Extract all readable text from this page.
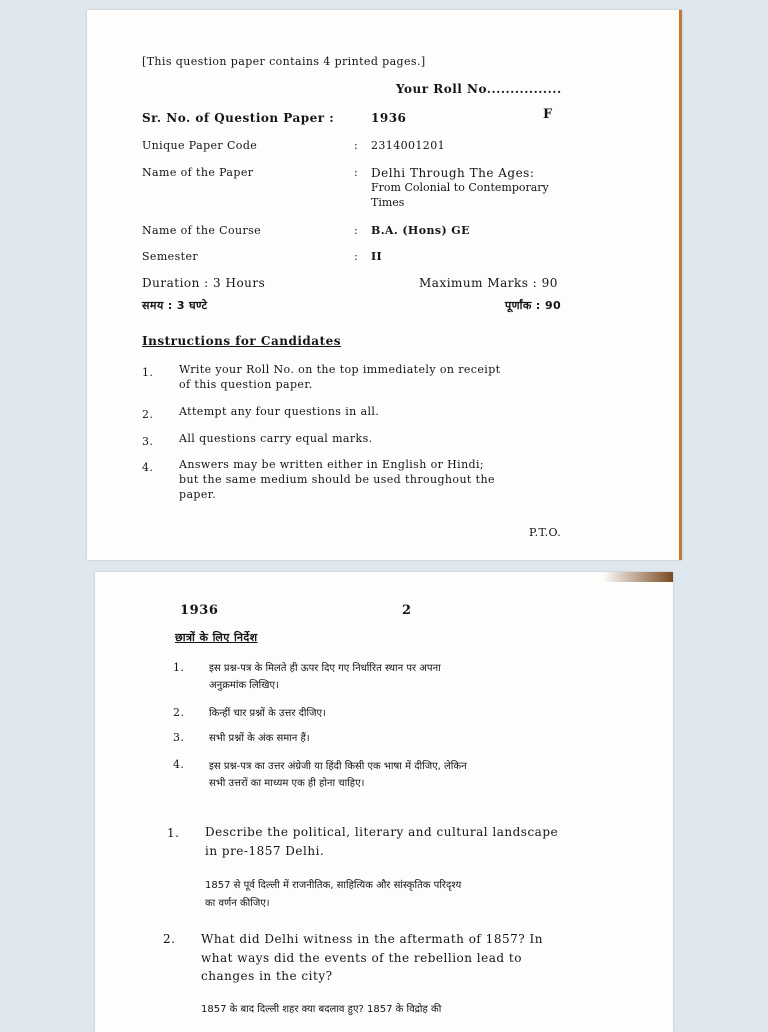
[This question paper contains 4 printed pages.]
Your Roll No................
Sr. No. of Question Paper :	1936	F
Unique Paper Code	: 2314001201
Name of the Paper	: Delhi Through The Ages:
From Colonial to Contemporary
Times
Name of the Course	: B.A. (Hons) GE
Semester	: II
Duration : 3 Hours	Maximum Marks : 90
समय : 3 घण्टे	पूर्णांक : 90
Instructions for Candidates
1. Write your Roll No. on the top immediately on receipt
of this question paper.
2. Attempt any four questions in all.
3. All questions carry equal marks.
4. Answers may be written either in English or Hindi;
but the same medium should be used throughout the
paper.
P.T.O.
1936	2
छात्रों के लिए निर्देश
1. इस प्रश्न-पत्र के मिलते ही ऊपर दिए गए निर्धारित स्थान पर अपना
अनुक्रमांक लिखिए।
2. किन्हीं चार प्रश्नों के उत्तर दीजिए।
3. सभी प्रश्नों के अंक समान हैं।
4. इस प्रश्न-पत्र का उत्तर अंग्रेजी या हिंदी किसी एक भाषा में दीजिए, लेकिन
सभी उत्तरों का माध्यम एक ही होना चाहिए।
1. Describe the political, literary and cultural landscape
in pre-1857 Delhi.
1857 से पूर्व दिल्ली में राजनीतिक, साहित्यिक और सांस्कृतिक परिदृश्य
का वर्णन कीजिए।
2. What did Delhi witness in the aftermath of 1857? In
what ways did the events of the rebellion lead to
changes in the city?
1857 के बाद दिल्ली शहर क्या बदलाव हुए? 1857 के विद्रोह की
